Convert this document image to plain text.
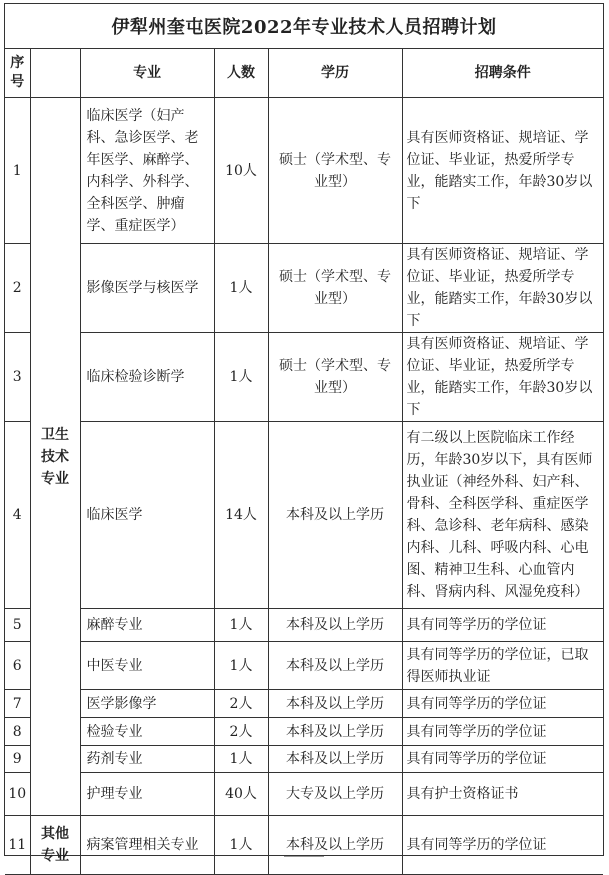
伊犁州奎屯医院2022年专业技术人员招聘计划
序号		专业	人数	学历	招聘条件
1	卫生技术专业	临床医学（妇产科、急诊医学、老年医学、麻醉学、内科学、外科学、全科医学、肿瘤学、重症医学）	10人	硕士（学术型、专业型）	具有医师资格证、规培证、学位证、毕业证，热爱所学专业，能踏实工作，年龄30岁以下
2		影像医学与核医学	1人	硕士（学术型、专业型）	具有医师资格证、规培证、学位证、毕业证，热爱所学专业，能踏实工作，年龄30岁以下
3		临床检验诊断学	1人	硕士（学术型、专业型）	具有医师资格证、规培证、学位证、毕业证，热爱所学专业，能踏实工作，年龄30岁以下
4		临床医学	14人	本科及以上学历	有二级以上医院临床工作经历，年龄30岁以下，具有医师执业证（神经外科、妇产科、骨科、全科医学科、重症医学科、急诊科、老年病科、感染内科、儿科、呼吸内科、心电图、精神卫生科、心血管内科、肾病内科、风湿免疫科）
5		麻醉专业	1人	本科及以上学历	具有同等学历的学位证
6		中医专业	1人	本科及以上学历	具有同等学历的学位证，已取得医师执业证
7		医学影像学	2人	本科及以上学历	具有同等学历的学位证
8		检验专业	2人	本科及以上学历	具有同等学历的学位证
9		药剂专业	1人	本科及以上学历	具有同等学历的学位证
10		护理专业	40人	大专及以上学历	具有护士资格证书
11	其他专业	病案管理相关专业	1人	本科及以上学历	具有同等学历的学位证
